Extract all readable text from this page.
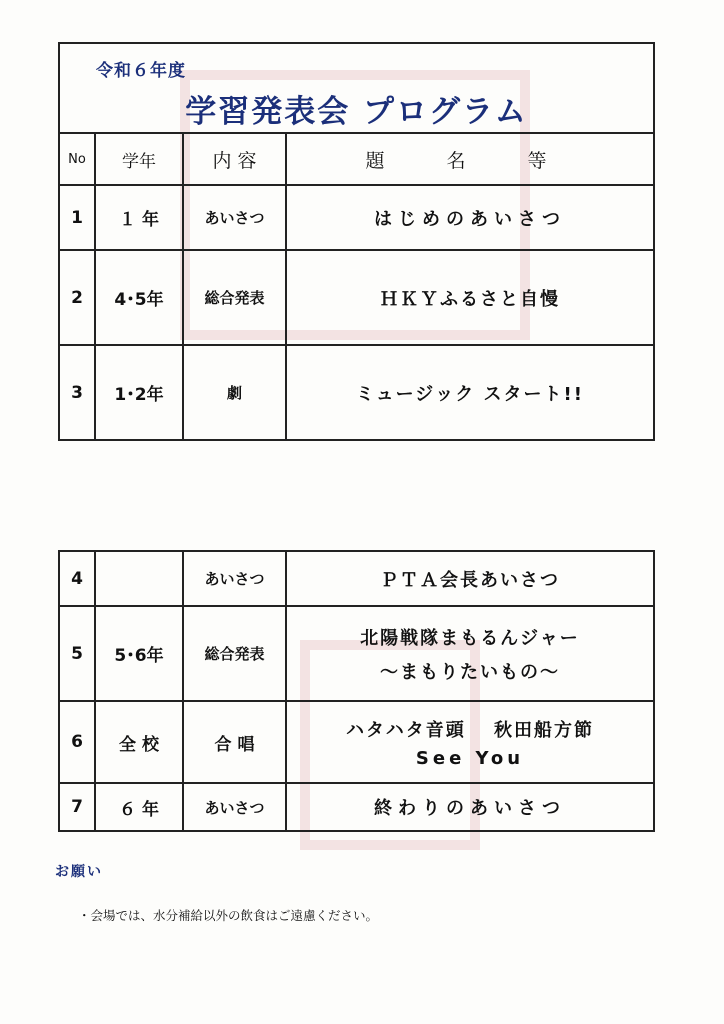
令和６年度
学習発表会 プログラム			

No	学年	内 容	題 名 等
1	１ 年	あいさつ	はじめのあいさつ
2	4･5年	総合発表	ＨＫＹふるさと自慢
3	1･2年	劇	ミュージック スタート!!
4		あいさつ	ＰＴＡ会長あいさつ
5	5･6年	総合発表	北陽戦隊まもるんジャー
～まもりたいもの～

6	全 校	合 唱	ハタハタ音頭　 秋田船方節
See You

7	６ 年	あいさつ	終わりのあいさつ
お願い
・会場では、水分補給以外の飲食はご遠慮ください。
